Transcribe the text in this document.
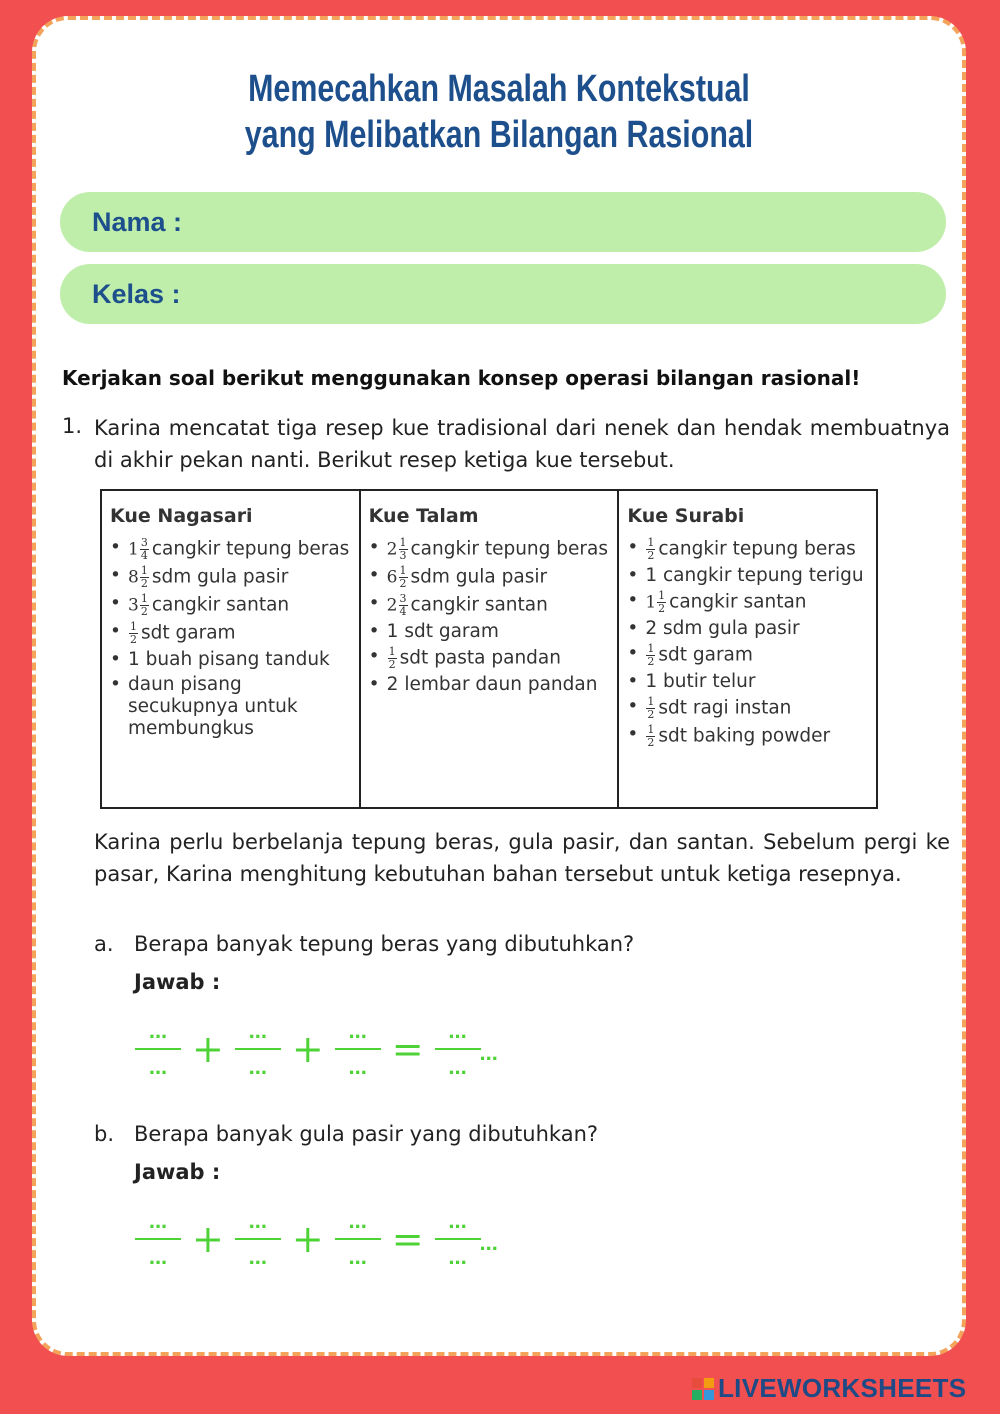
Memecahkan Masalah Kontekstual
yang Melibatkan Bilangan Rasional
Nama :
Kelas :
Kerjakan soal berikut menggunakan konsep operasi bilangan rasional!
1. Karina mencatat tiga resep kue tradisional dari nenek dan hendak membuatnya di akhir pekan nanti. Berikut resep ketiga kue tersebut.
Kue Nagasari
• $1 \frac{3}{4}$ cangkir tepung beras
• $8 \frac{1}{2}$ sdm gula pasir
• $3 \frac{1}{2}$ cangkir santan
• $\frac{1}{2}$ sdt garam
• 1 buah pisang tanduk
• daun pisang secukupnya untuk membungkus
Kue Talam
• $2 \frac{1}{3}$ cangkir tepung beras
• $6 \frac{1}{2}$ sdm gula pasir
• $2 \frac{3}{4}$ cangkir santan
• 1 sdt garam
• $\frac{1}{2}$ sdt pasta pandan
• 2 lembar daun pandan
Kue Surabi
• $\frac{1}{2}$ cangkir tepung beras
• 1 cangkir tepung terigu
• $1 \frac{1}{2}$ cangkir santan
• 2 sdm gula pasir
• $\frac{1}{2}$ sdt garam
• 1 butir telur
• $\frac{1}{2}$ sdt ragi instan
• $\frac{1}{2}$ sdt baking powder
Karina perlu berbelanja tepung beras, gula pasir, dan santan. Sebelum pergi ke pasar, Karina menghitung kebutuhan bahan tersebut untuk ketiga resepnya.
a. Berapa banyak tepung beras yang dibutuhkan?
Jawab :
...
...
+
...
... +
...
... =
...
...
...
b. Berapa banyak gula pasir yang dibutuhkan?
Jawab :
...
...
+
...
... +
...
... =
...
...
...
LIVEWORKSHEETS
